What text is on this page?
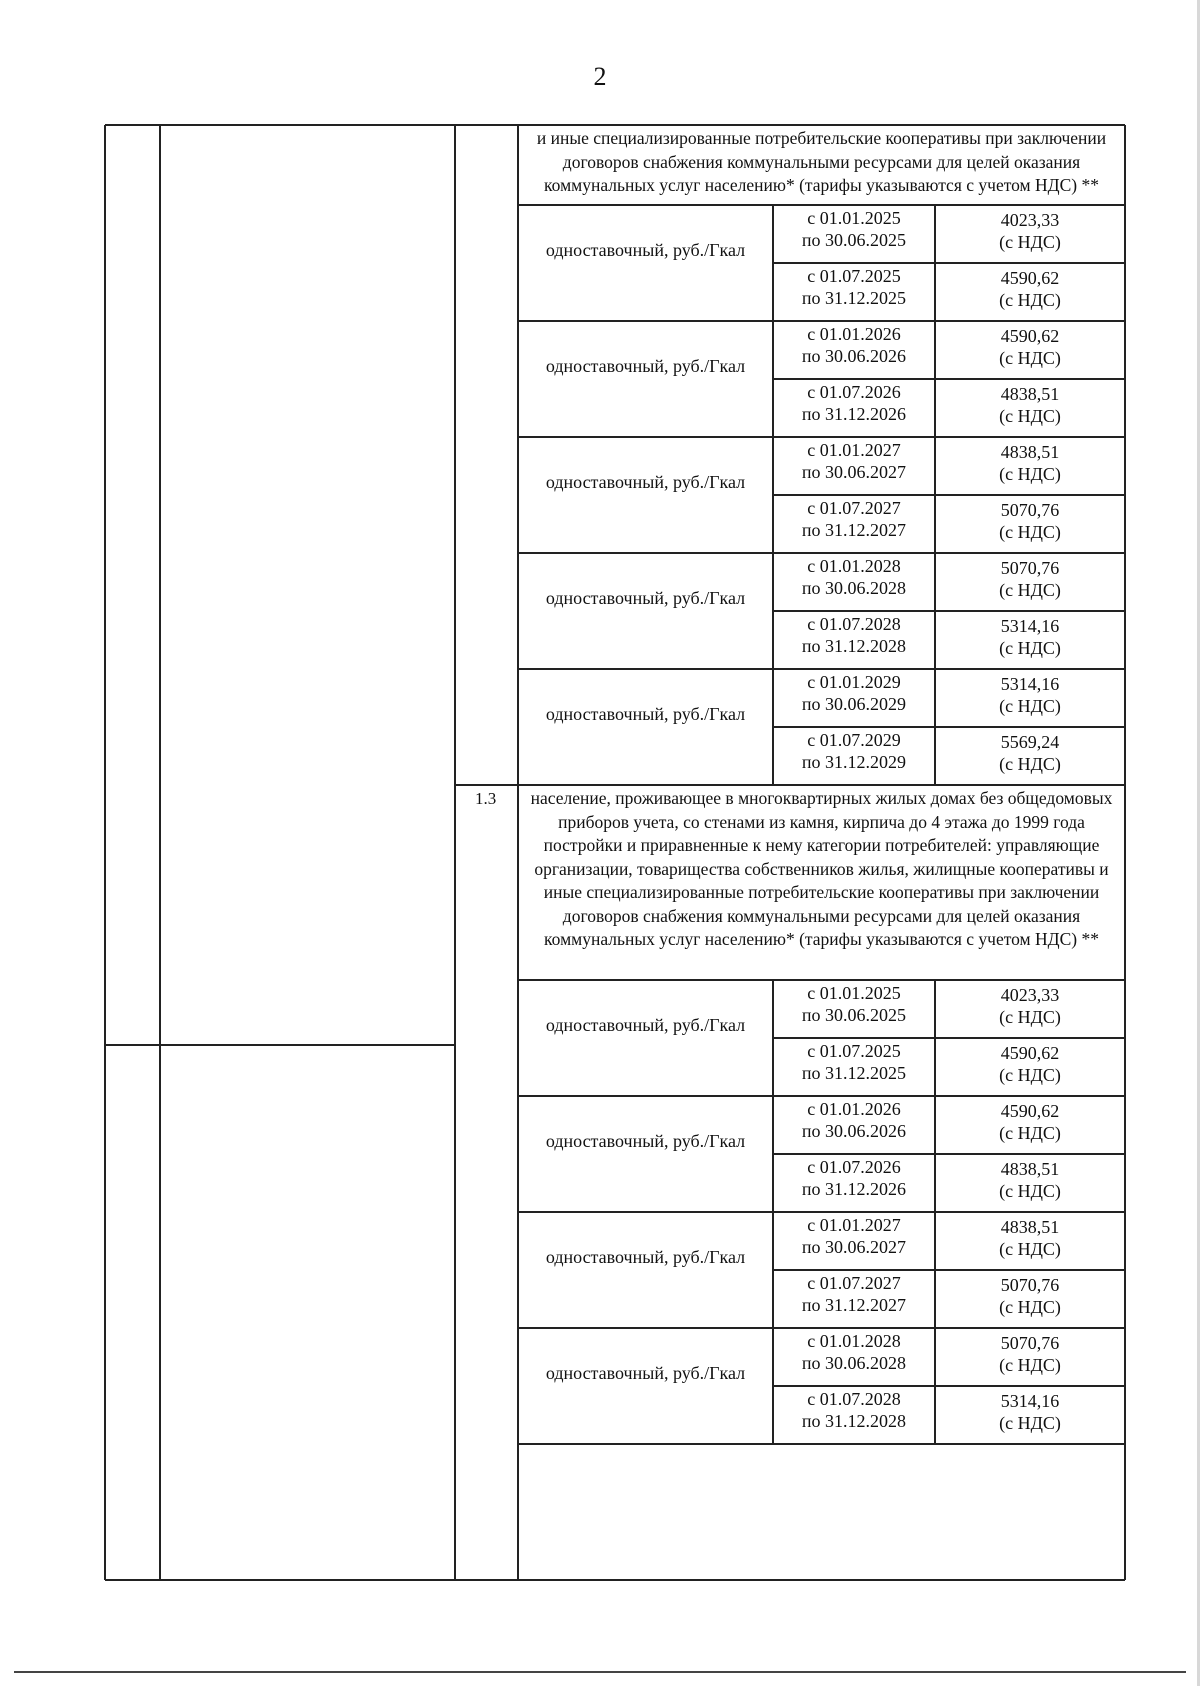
2
и иные специализированные потребительские кооперативы при заключении договоров снабжения коммунальными ресурсами для целей оказания коммунальных услуг населению* (тарифы указываются с учетом НДС) **
одноставочный, руб./Гкал
с 01.01.2025
по 30.06.2025
4023,33
(с НДС)
с 01.07.2025
по 31.12.2025
4590,62
(с НДС)
одноставочный, руб./Гкал
с 01.01.2026
по 30.06.2026
4590,62
(с НДС)
с 01.07.2026
по 31.12.2026
4838,51
(с НДС)
одноставочный, руб./Гкал
с 01.01.2027
по 30.06.2027
4838,51
(с НДС)
с 01.07.2027
по 31.12.2027
5070,76
(с НДС)
одноставочный, руб./Гкал
с 01.01.2028
по 30.06.2028
5070,76
(с НДС)
с 01.07.2028
по 31.12.2028
5314,16
(с НДС)
одноставочный, руб./Гкал
с 01.01.2029
по 30.06.2029
5314,16
(с НДС)
с 01.07.2029
по 31.12.2029
5569,24
(с НДС)
1.3	население, проживающее в многоквартирных жилых домах без общедомовых приборов учета, со стенами из камня, кирпича до 4 этажа до 1999 года постройки и приравненные к нему категории потребителей: управляющие организации, товарищества собственников жилья, жилищные кооперативы и иные специализированные потребительские кооперативы при заключении договоров снабжения коммунальными ресурсами для целей оказания коммунальных услуг населению* (тарифы указываются с учетом НДС) **
одноставочный, руб./Гкал
с 01.01.2025
по 30.06.2025
4023,33
(с НДС)
с 01.07.2025
по 31.12.2025
4590,62
(с НДС)
одноставочный, руб./Гкал
с 01.01.2026
по 30.06.2026
4590,62
(с НДС)
с 01.07.2026
по 31.12.2026
4838,51
(с НДС)
одноставочный, руб./Гкал
с 01.01.2027
по 30.06.2027
4838,51
(с НДС)
с 01.07.2027
по 31.12.2027
5070,76
(с НДС)
одноставочный, руб./Гкал
с 01.01.2028
по 30.06.2028
5070,76
(с НДС)
с 01.07.2028
по 31.12.2028
5314,16
(с НДС)
